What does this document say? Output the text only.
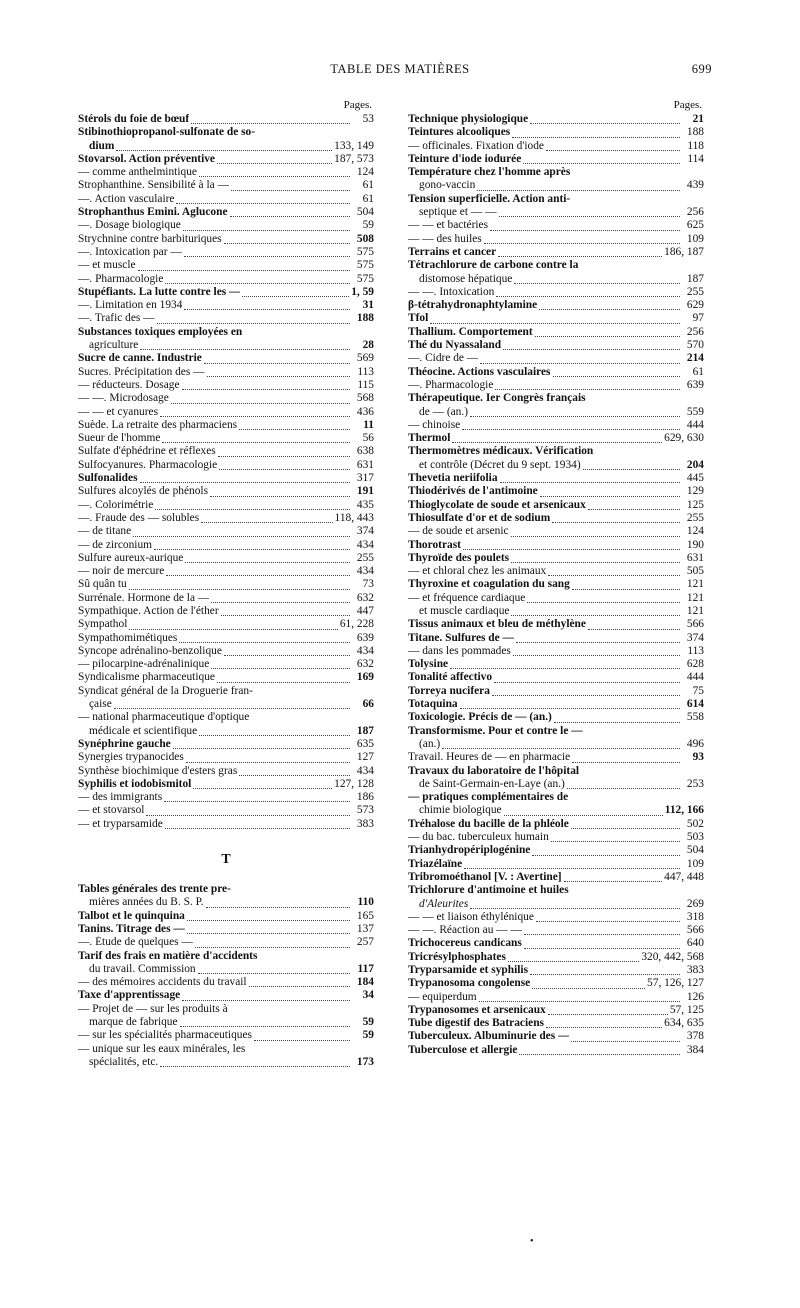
TABLE DES MATIÈRES	699
Pages.
Stérols du foie de bœuf	53
Stibinothiopropanol-sulfonate de so-
dium	133, 149
Stovarsol. Action préventive	187, 573
— comme anthelmintique	124
Strophanthine. Sensibilité à la —	61
—. Action vasculaire	61
Strophanthus Emini. Aglucone	504
—. Dosage biologique	59
Strychnine contre barbituriques	508
—. Intoxication par —	575
— et muscle	575
—. Pharmacologie	575
Stupéfiants. La lutte contre les —	1, 59
—. Limitation en 1934	31
—. Trafic des —	188
Substances toxiques employées en
agriculture	28
Sucre de canne. Industrie	569
Sucres. Précipitation des —	113
— réducteurs. Dosage	115
— —. Microdosage	568
— — et cyanures	436
Suède. La retraite des pharmaciens	11
Sueur de l'homme	56
Sulfate d'éphédrine et réflexes	638
Sulfocyanures. Pharmacologie	631
Sulfonalides	317
Sulfures alcoylés de phénols	191
—. Colorimétrie	435
—. Fraude des — solubles	118, 443
— de titane	374
— de zirconium	434
Sulfure aureux-aurique	255
— noir de mercure	434
Sû quân tu	73
Surrénale. Hormone de la —	632
Sympathique. Action de l'éther	447
Sympathol	61, 228
Sympathomimétiques	639
Syncope adrénalino-benzolique	434
— pilocarpine-adrénalinique	632
Syndicalisme pharmaceutique	169
Syndicat général de la Droguerie fran-
çaise	66
— national pharmaceutique d'optique
médicale et scientifique	187
Synéphrine gauche	635
Synergies trypanocides	127
Synthèse biochimique d'esters gras	434
Syphilis et iodobismitol	127, 128
— des immigrants	186
— et stovarsol	573
— et tryparsamide	383
T
Tables générales des trente pre-
mières années du B. S. P.	110
Talbot et le quinquina	165
Tanins. Titrage des —	137
—. Étude de quelques —	257
Tarif des frais en matière d'accidents
du travail. Commission	117
— des mémoires accidents du travail	184
Taxe d'apprentissage	34
— Projet de — sur les produits à
marque de fabrique	59
— sur les spécialités pharmaceutiques	59
— unique sur les eaux minérales, les
spécialités, etc.	173
Pages.
Technique physiologique	21
Teintures alcooliques	188
— officinales. Fixation d'iode	118
Teinture d'iode iodurée	114
Température chez l'homme après
gono-vaccin	439
Tension superficielle. Action anti-
septique et — —	256
— — et bactéries	625
— — des huiles	109
Terrains et cancer	186, 187
Tétrachlorure de carbone contre la
distomose hépatique	187
— —. Intoxication	255
β-tétrahydronaphtylamine	629
Tfol	97
Thallium. Comportement	256
Thé du Nyassaland	570
—. Cidre de —	214
Théocine. Actions vasculaires	61
—. Pharmacologie	639
Thérapeutique. Ier Congrès français
de — (an.)	559
— chinoise	444
Thermol	629, 630
Thermomètres médicaux. Vérification
et contrôle (Décret du 9 sept. 1934)	204
Thevetia neriifolia	445
Thiodérivés de l'antimoine	129
Thioglycolate de soude et arsenicaux	125
Thiosulfate d'or et de sodium	255
— de soude et arsenic	124
Thorotrast	190
Thyroïde des poulets	631
— et chloral chez les animaux	505
Thyroxine et coagulation du sang	121
— et fréquence cardiaque	121
et muscle cardiaque	121
Tissus animaux et bleu de méthylène	566
Titane. Sulfures de —	374
— dans les pommades	113
Tolysine	628
Tonalité affectivo	444
Torreya nucifera	75
Totaquina	614
Toxicologie. Précis de — (an.)	558
Transformisme. Pour et contre le —
(an.)	496
Travail. Heures de — en pharmacie	93
Travaux du laboratoire de l'hôpital
de Saint-Germain-en-Laye (an.)	253
— pratiques complémentaires de
chimie biologique	112, 166
Tréhalose du bacille de la phléole	502
— du bac. tuberculeux humain	503
Trianhydropériplogénine	504
Triazélaïne	109
Tribromoéthanol [V. : Avertine]	447, 448
Trichlorure d'antimoine et huiles
d'Aleurites	269
— — et liaison éthylénique	318
— —. Réaction au — —	566
Trichocereus candicans	640
Tricrésylphosphates	320, 442, 568
Tryparsamide et syphilis	383
Trypanosoma congolense	57, 126, 127
— equiperdum	126
Trypanosomes et arsenicaux	57, 125
Tube digestif des Batraciens	634, 635
Tuberculeux. Albuminurie des —	378
Tuberculose et allergie	384
•
